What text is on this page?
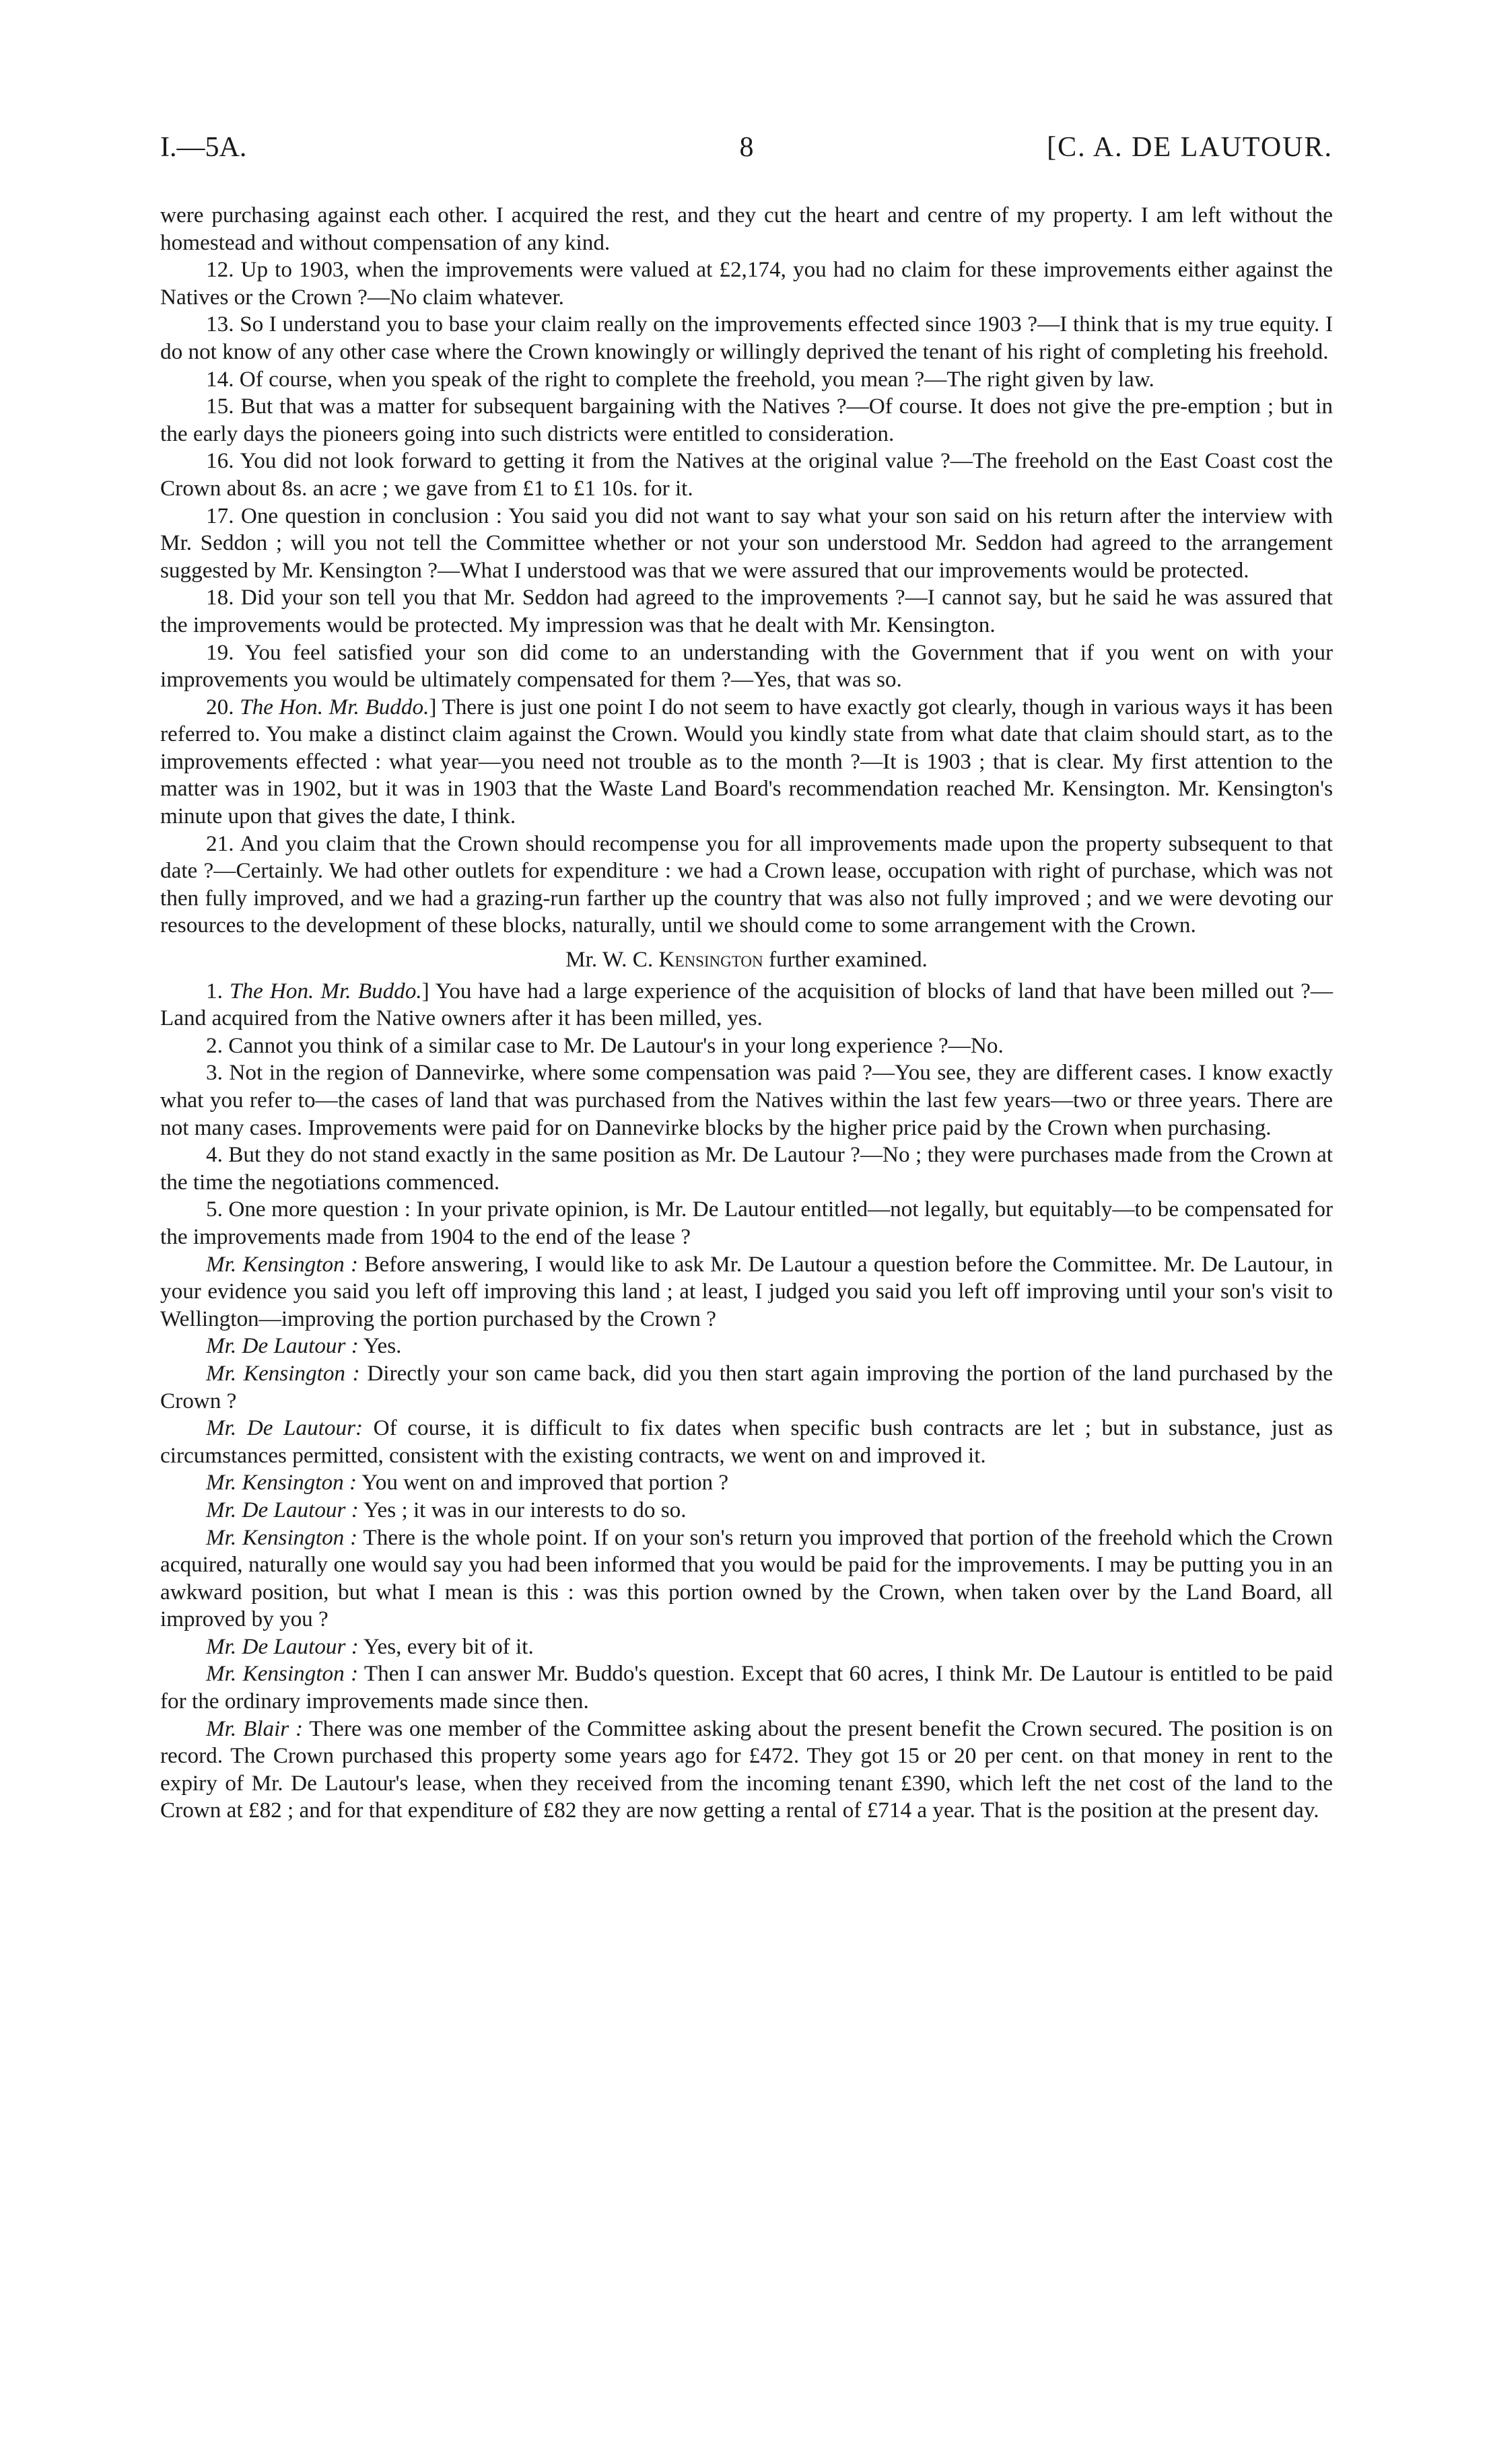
I.—5A.	8	[C. A. DE LAUTOUR.

were purchasing against each other. I acquired the rest, and they cut the heart and centre of my property. I am left without the homestead and without compensation of any kind.

12. Up to 1903, when the improvements were valued at £2,174, you had no claim for these improvements either against the Natives or the Crown ?—No claim whatever.

13. So I understand you to base your claim really on the improvements effected since 1903 ?—I think that is my true equity. I do not know of any other case where the Crown knowingly or willingly deprived the tenant of his right of completing his freehold.

14. Of course, when you speak of the right to complete the freehold, you mean ?—The right given by law.

15. But that was a matter for subsequent bargaining with the Natives ?—Of course. It does not give the pre-emption ; but in the early days the pioneers going into such districts were entitled to consideration.

16. You did not look forward to getting it from the Natives at the original value ?—The freehold on the East Coast cost the Crown about 8s. an acre ; we gave from £1 to £1 10s. for it.

17. One question in conclusion : You said you did not want to say what your son said on his return after the interview with Mr. Seddon ; will you not tell the Committee whether or not your son understood Mr. Seddon had agreed to the arrangement suggested by Mr. Kensington ?—What I understood was that we were assured that our improvements would be protected.

18. Did your son tell you that Mr. Seddon had agreed to the improvements ?—I cannot say, but he said he was assured that the improvements would be protected. My impression was that he dealt with Mr. Kensington.

19. You feel satisfied your son did come to an understanding with the Government that if you went on with your improvements you would be ultimately compensated for them ?—Yes, that was so.

20. The Hon. Mr. Buddo.] There is just one point I do not seem to have exactly got clearly, though in various ways it has been referred to. You make a distinct claim against the Crown. Would you kindly state from what date that claim should start, as to the improvements effected : what year—you need not trouble as to the month ?—It is 1903 ; that is clear. My first attention to the matter was in 1902, but it was in 1903 that the Waste Land Board's recommendation reached Mr. Kensington. Mr. Kensington's minute upon that gives the date, I think.

21. And you claim that the Crown should recompense you for all improvements made upon the property subsequent to that date ?—Certainly. We had other outlets for expenditure : we had a Crown lease, occupation with right of purchase, which was not then fully improved, and we had a grazing-run farther up the country that was also not fully improved ; and we were devoting our resources to the development of these blocks, naturally, until we should come to some arrangement with the Crown.

Mr. W. C. Kensington further examined.

1. The Hon. Mr. Buddo.] You have had a large experience of the acquisition of blocks of land that have been milled out ?—Land acquired from the Native owners after it has been milled, yes.

2. Cannot you think of a similar case to Mr. De Lautour's in your long experience ?—No.

3. Not in the region of Dannevirke, where some compensation was paid ?—You see, they are different cases. I know exactly what you refer to—the cases of land that was purchased from the Natives within the last few years—two or three years. There are not many cases. Improvements were paid for on Dannevirke blocks by the higher price paid by the Crown when purchasing.

4. But they do not stand exactly in the same position as Mr. De Lautour ?—No ; they were purchases made from the Crown at the time the negotiations commenced.

5. One more question : In your private opinion, is Mr. De Lautour entitled—not legally, but equitably—to be compensated for the improvements made from 1904 to the end of the lease ?

Mr. Kensington : Before answering, I would like to ask Mr. De Lautour a question before the Committee. Mr. De Lautour, in your evidence you said you left off improving this land ; at least, I judged you said you left off improving until your son's visit to Wellington—improving the portion purchased by the Crown ?

Mr. De Lautour : Yes.

Mr. Kensington : Directly your son came back, did you then start again improving the portion of the land purchased by the Crown ?

Mr. De Lautour: Of course, it is difficult to fix dates when specific bush contracts are let ; but in substance, just as circumstances permitted, consistent with the existing contracts, we went on and improved it.

Mr. Kensington : You went on and improved that portion ?

Mr. De Lautour : Yes ; it was in our interests to do so.

Mr. Kensington : There is the whole point. If on your son's return you improved that portion of the freehold which the Crown acquired, naturally one would say you had been informed that you would be paid for the improvements. I may be putting you in an awkward position, but what I mean is this : was this portion owned by the Crown, when taken over by the Land Board, all improved by you ?

Mr. De Lautour : Yes, every bit of it.

Mr. Kensington : Then I can answer Mr. Buddo's question. Except that 60 acres, I think Mr. De Lautour is entitled to be paid for the ordinary improvements made since then.

Mr. Blair : There was one member of the Committee asking about the present benefit the Crown secured. The position is on record. The Crown purchased this property some years ago for £472. They got 15 or 20 per cent. on that money in rent to the expiry of Mr. De Lautour's lease, when they received from the incoming tenant £390, which left the net cost of the land to the Crown at £82 ; and for that expenditure of £82 they are now getting a rental of £714 a year. That is the position at the present day.
